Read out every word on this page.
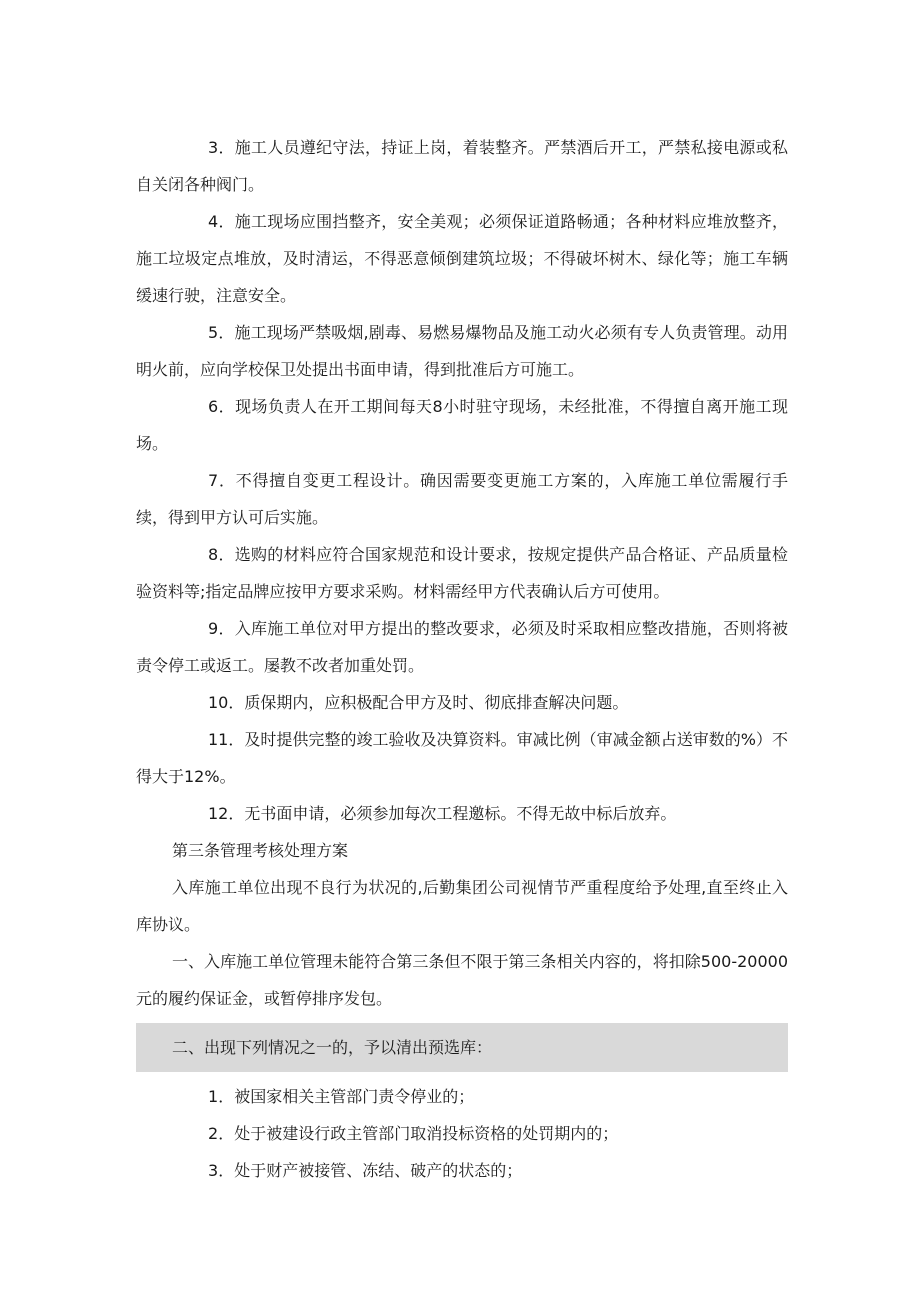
3．施工人员遵纪守法，持证上岗，着装整齐。严禁酒后开工，严禁私接电源或私自关闭各种阀门。

4．施工现场应围挡整齐，安全美观；必须保证道路畅通；各种材料应堆放整齐，施工垃圾定点堆放，及时清运，不得恶意倾倒建筑垃圾；不得破坏树木、绿化等；施工车辆缓速行驶，注意安全。

5．施工现场严禁吸烟,剧毒、易燃易爆物品及施工动火必须有专人负责管理。动用明火前，应向学校保卫处提出书面申请，得到批准后方可施工。

6．现场负责人在开工期间每天8小时驻守现场，未经批准，不得擅自离开施工现场。

7．不得擅自变更工程设计。确因需要变更施工方案的，入库施工单位需履行手续，得到甲方认可后实施。

8．选购的材料应符合国家规范和设计要求，按规定提供产品合格证、产品质量检验资料等;指定品牌应按甲方要求采购。材料需经甲方代表确认后方可使用。

9．入库施工单位对甲方提出的整改要求，必须及时采取相应整改措施，否则将被责令停工或返工。屡教不改者加重处罚。

10．质保期内，应积极配合甲方及时、彻底排查解决问题。

11．及时提供完整的竣工验收及决算资料。审减比例（审减金额占送审数的%）不得大于12%。

12．无书面申请，必须参加每次工程邀标。不得无故中标后放弃。

第三条管理考核处理方案

入库施工单位出现不良行为状况的,后勤集团公司视情节严重程度给予处理,直至终止入库协议。

一、入库施工单位管理未能符合第三条但不限于第三条相关内容的，将扣除500-20000元的履约保证金，或暂停排序发包。

二、出现下列情况之一的，予以清出预选库：

1．被国家相关主管部门责令停业的；

2．处于被建设行政主管部门取消投标资格的处罚期内的；

3．处于财产被接管、冻结、破产的状态的；
